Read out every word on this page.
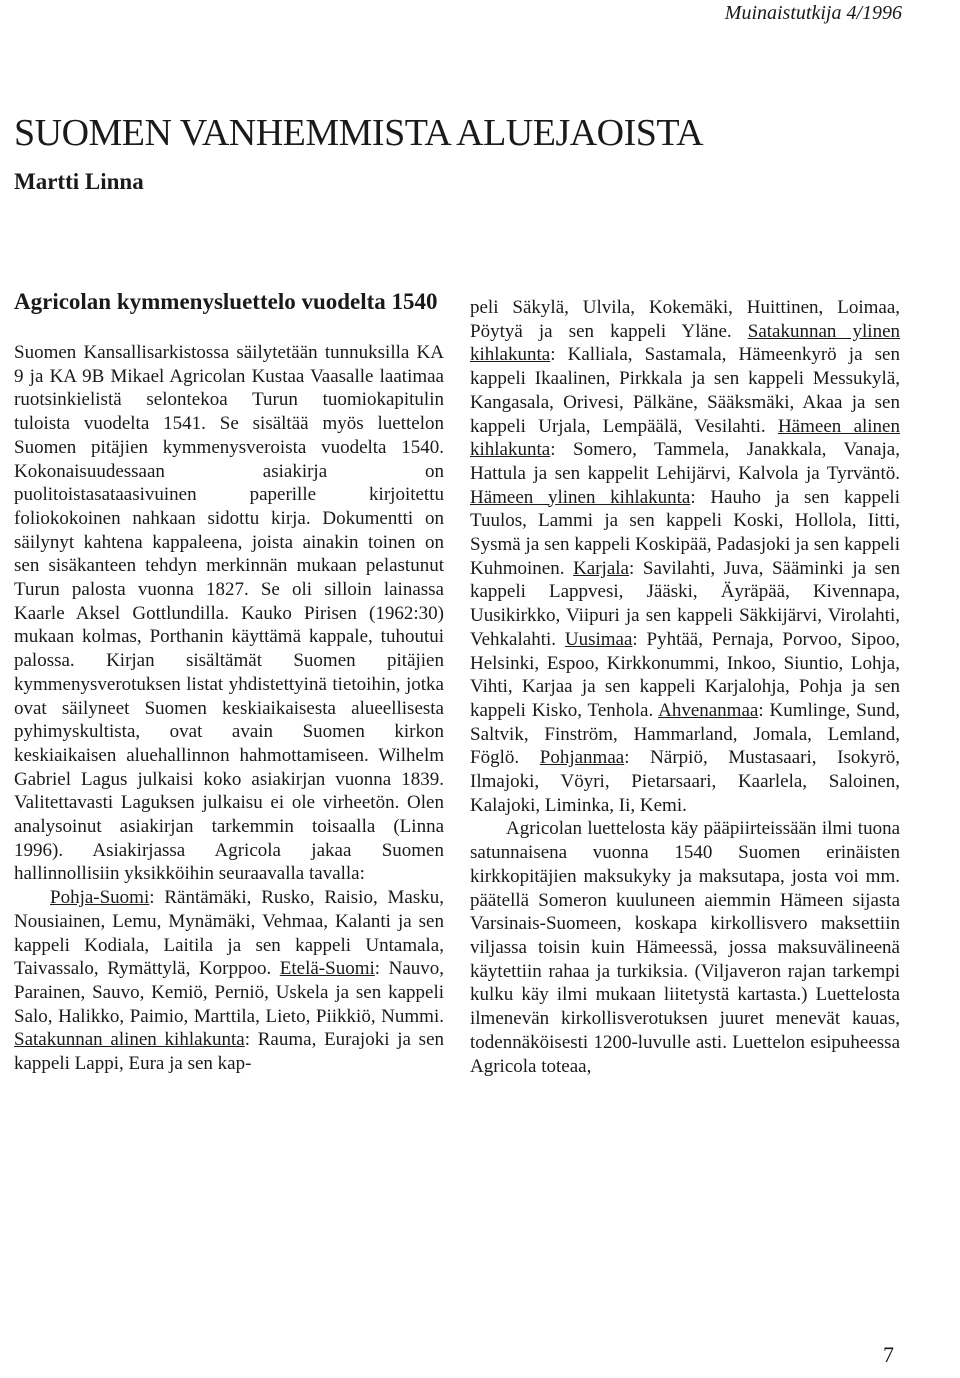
Muinaistutkija 4/1996
SUOMEN VANHEMMISTA ALUEJAOISTA
Martti Linna
Agricolan kymmenysluettelo vuodelta 1540

Suomen Kansallisarkistossa säilytetään tunnuksilla KA 9 ja KA 9B Mikael Agricolan Kustaa Vaasalle laatimaa ruotsinkielistä selontekoa Turun tuomiokapitulin tuloista vuodelta 1541. Se sisältää myös luettelon Suomen pitäjien kymmenysveroista vuodelta 1540. Kokonaisuudessaan asiakirja on puolitoistasataasivuinen paperille kirjoitettu foliokokoinen nahkaan sidottu kirja. Dokumentti on säilynyt kahtena kappaleena, joista ainakin toinen on sen sisäkanteen tehdyn merkinnän mukaan pelastunut Turun palosta vuonna 1827. Se oli silloin lainassa Kaarle Aksel Gottlundilla. Kauko Pirisen (1962:30) mukaan kolmas, Porthanin käyttämä kappale, tuhoutui palossa. Kirjan sisältämät Suomen pitäjien kymmenysverotuksen listat yhdistettyinä tietoihin, jotka ovat säilyneet Suomen keskiaikaisesta alueellisesta pyhimyskultista, ovat avain Suomen kirkon keskiaikaisen aluehallinnon hahmottamiseen. Wilhelm Gabriel Lagus julkaisi koko asiakirjan vuonna 1839. Valitettavasti Laguksen julkaisu ei ole virheetön. Olen analysoinut asiakirjan tarkemmin toisaalla (Linna 1996). Asiakirjassa Agricola jakaa Suomen hallinnollisiin yksikköihin seuraavalla tavalla:

Pohja-Suomi: Räntämäki, Rusko, Raisio, Masku, Nousiainen, Lemu, Mynämäki, Vehmaa, Kalanti ja sen kappeli Kodiala, Laitila ja sen kappeli Untamala, Taivassalo, Rymättylä, Korppoo. Etelä-Suomi: Nauvo, Parainen, Sauvo, Kemiö, Perniö, Uskela ja sen kappeli Salo, Halikko, Paimio, Marttila, Lieto, Piikkiö, Nummi. Satakunnan alinen kihlakunta: Rauma, Eurajoki ja sen kappeli Lappi, Eura ja sen kap-

peli Säkylä, Ulvila, Kokemäki, Huittinen, Loimaa, Pöytyä ja sen kappeli Yläne. Satakunnan ylinen kihlakunta: Kalliala, Sastamala, Hämeenkyrö ja sen kappeli Ikaalinen, Pirkkala ja sen kappeli Messukylä, Kangasala, Orivesi, Pälkäne, Sääksmäki, Akaa ja sen kappeli Urjala, Lempäälä, Vesilahti. Hämeen alinen kihlakunta: Somero, Tammela, Janakkala, Vanaja, Hattula ja sen kappelit Lehijärvi, Kalvola ja Tyrväntö. Hämeen ylinen kihlakunta: Hauho ja sen kappeli Tuulos, Lammi ja sen kappeli Koski, Hollola, Iitti, Sysmä ja sen kappeli Koskipää, Padasjoki ja sen kappeli Kuhmoinen. Karjala: Savilahti, Juva, Sääminki ja sen kappeli Lappvesi, Jääski, Äyräpää, Kivennapa, Uusikirkko, Viipuri ja sen kappeli Säkkijärvi, Virolahti, Vehkalahti. Uusimaa: Pyhtää, Pernaja, Porvoo, Sipoo, Helsinki, Espoo, Kirkkonummi, Inkoo, Siuntio, Lohja, Vihti, Karjaa ja sen kappeli Karjalohja, Pohja ja sen kappeli Kisko, Tenhola. Ahvenanmaa: Kumlinge, Sund, Saltvik, Finström, Hammarland, Jomala, Lemland, Föglö. Pohjanmaa: Närpiö, Mustasaari, Isokyrö, Ilmajoki, Vöyri, Pietarsaari, Kaarlela, Saloinen, Kalajoki, Liminka, Ii, Kemi.

Agricolan luettelosta käy pääpiirteissään ilmi tuona satunnaisena vuonna 1540 Suomen erinäisten kirkkopitäjien maksukyky ja maksutapa, josta voi mm. päätellä Someron kuuluneen aiemmin Hämeen sijasta Varsinais-Suomeen, koskapa kirkollisvero maksettiin viljassa toisin kuin Hämeessä, jossa maksuvälineenä käytettiin rahaa ja turkiksia. (Viljaveron rajan tarkempi kulku käy ilmi mukaan liitetystä kartasta.) Luettelosta ilmenevän kirkollisverotuksen juuret menevät kauas, todennäköisesti 1200-luvulle asti. Luettelon esipuheessa Agricola toteaa,

7
